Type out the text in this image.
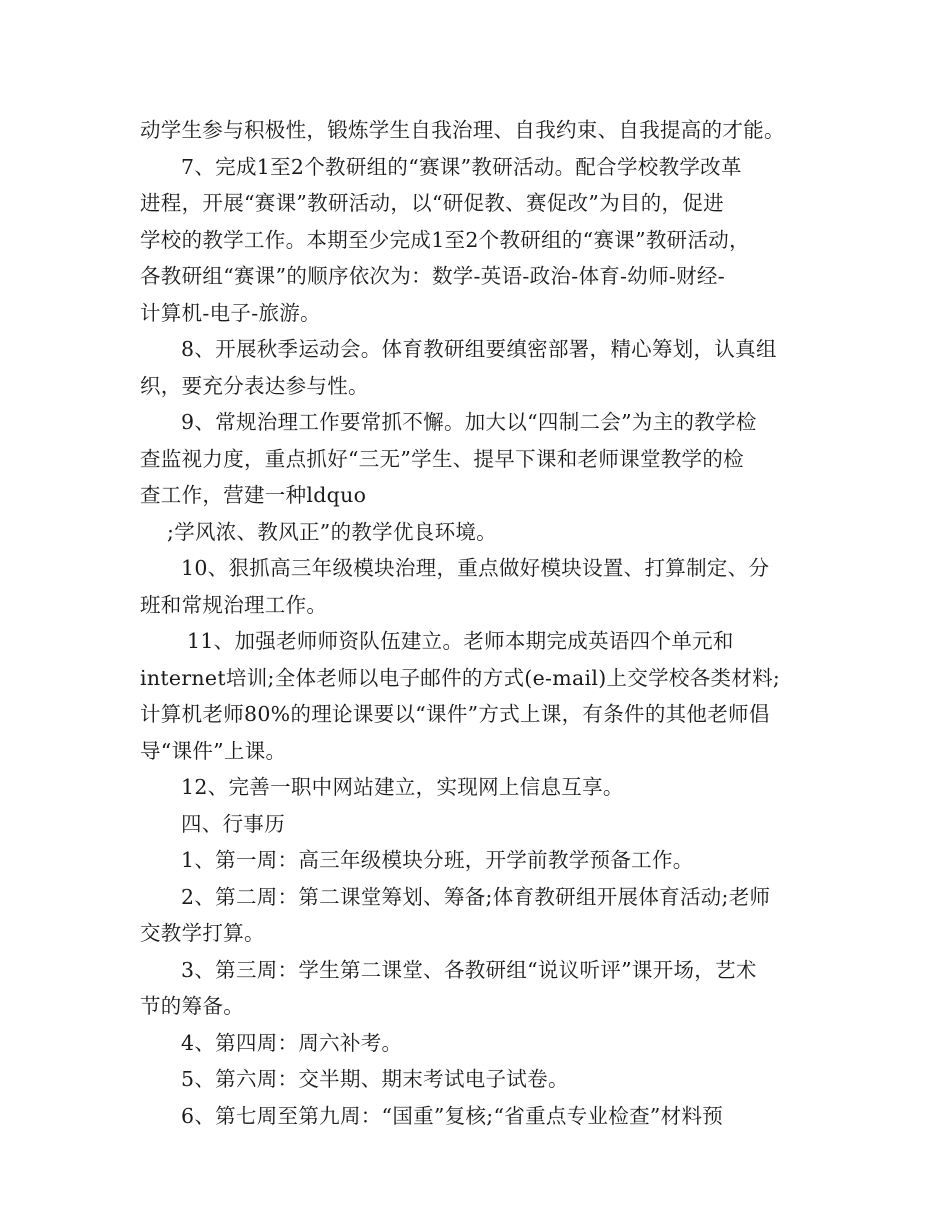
动学生参与积极性，锻炼学生自我治理、自我约束、自我提高的才能。
7、完成1至2个教研组的“赛课”教研活动。配合学校教学改革
进程，开展“赛课”教研活动，以“研促教、赛促改”为目的，促进
学校的教学工作。本期至少完成1至2个教研组的“赛课”教研活动，
各教研组“赛课”的顺序依次为：数学-英语-政治-体育-幼师-财经-
计算机-电子-旅游。
8、开展秋季运动会。体育教研组要缜密部署，精心筹划，认真组
织，要充分表达参与性。
9、常规治理工作要常抓不懈。加大以“四制二会”为主的教学检
查监视力度，重点抓好“三无”学生、提早下课和老师课堂教学的检
查工作，营建一种ldquo
;学风浓、教风正”的教学优良环境。
10、狠抓高三年级模块治理，重点做好模块设置、打算制定、分
班和常规治理工作。
11、加强老师师资队伍建立。老师本期完成英语四个单元和
internet培训;全体老师以电子邮件的方式(e-mail)上交学校各类材料;
计算机老师80%的理论课要以“课件”方式上课，有条件的其他老师倡
导“课件”上课。
12、完善一职中网站建立，实现网上信息互享。
四、行事历
1、第一周：高三年级模块分班，开学前教学预备工作。
2、第二周：第二课堂筹划、筹备;体育教研组开展体育活动;老师
交教学打算。
3、第三周：学生第二课堂、各教研组“说议听评”课开场，艺术
节的筹备。
4、第四周：周六补考。
5、第六周：交半期、期末考试电子试卷。
6、第七周至第九周：“国重”复核;“省重点专业检查”材料预
